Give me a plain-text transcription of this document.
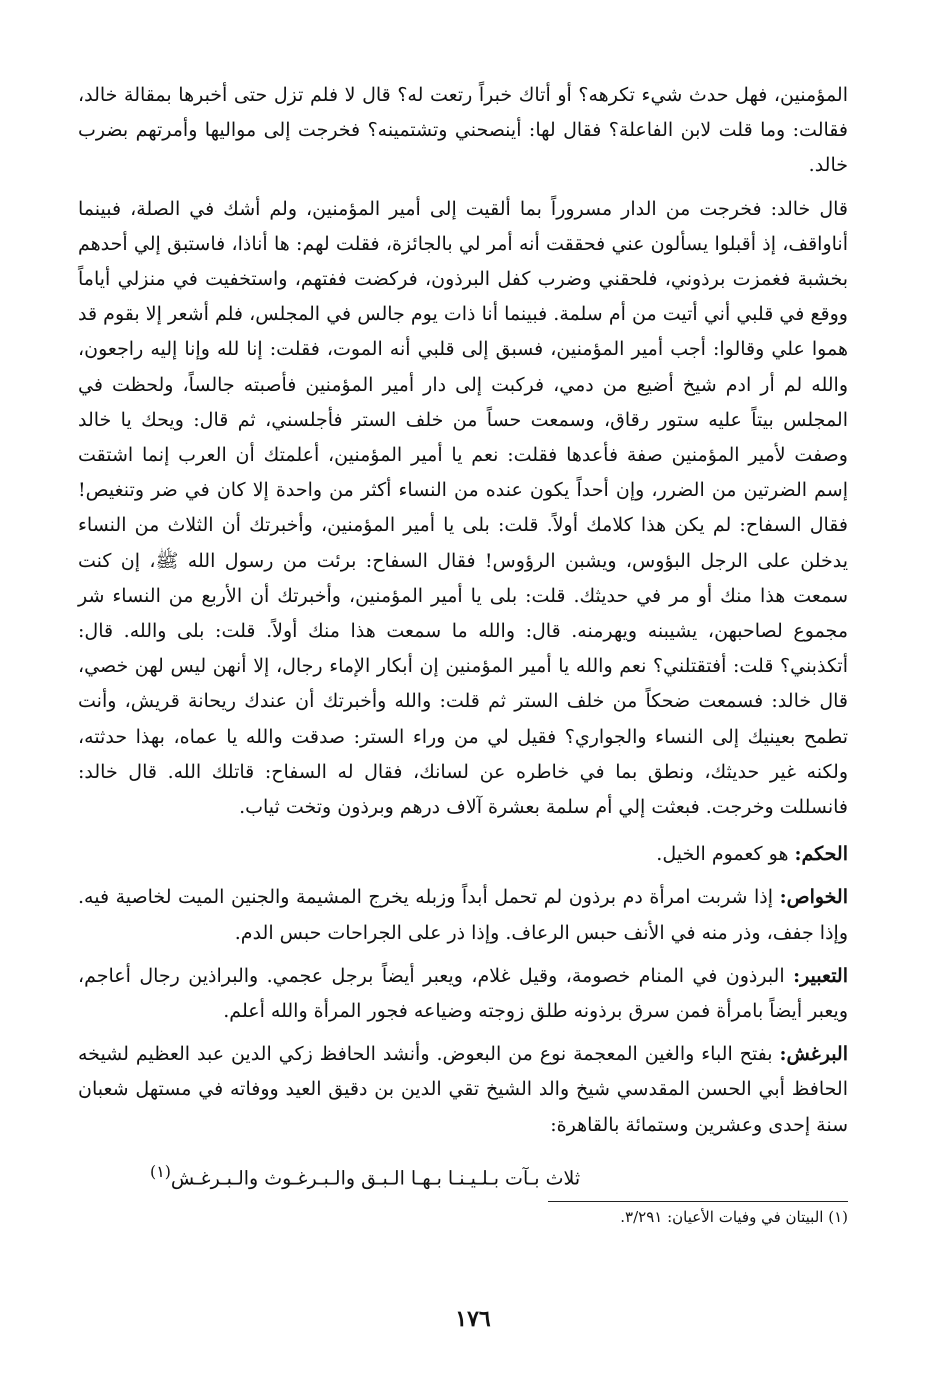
المؤمنين، فهل حدث شيء تكرهه؟ أو أتاك خبراً رتعت له؟ قال لا فلم تزل حتى أخبرها بمقالة خالد، فقالت: وما قلت لابن الفاعلة؟ فقال لها: أينصحني وتشتمينه؟ فخرجت إلى مواليها وأمرتهم بضرب خالد.

قال خالد: فخرجت من الدار مسروراً بما ألقيت إلى أمير المؤمنين، ولم أشك في الصلة، فبينما أناواقف، إذ أقبلوا يسألون عني فحققت أنه أمر لي بالجائزة، فقلت لهم: ها أناذا، فاستبق إلي أحدهم بخشبة فغمزت برذوني، فلحقني وضرب كفل البرذون، فركضت ففتهم، واستخفيت في منزلي أياماً ووقع في قلبي أني أتيت من أم سلمة. فبينما أنا ذات يوم جالس في المجلس، فلم أشعر إلا بقوم قد هموا علي وقالوا: أجب أمير المؤمنين، فسبق إلى قلبي أنه الموت، فقلت: إنا لله وإنا إليه راجعون، والله لم أر ادم شيخ أضيع من دمي، فركبت إلى دار أمير المؤمنين فأصبته جالساً، ولحظت في المجلس بيتاً عليه ستور رقاق، وسمعت حساً من خلف الستر فأجلسني، ثم قال: ويحك يا خالد وصفت لأمير المؤمنين صفة فأعدها فقلت: نعم يا أمير المؤمنين، أعلمتك أن العرب إنما اشتقت إسم الضرتين من الضرر، وإن أحداً يكون عنده من النساء أكثر من واحدة إلا كان في ضر وتنغيص! فقال السفاح: لم يكن هذا كلامك أولاً. قلت: بلى يا أمير المؤمنين، وأخبرتك أن الثلاث من النساء يدخلن على الرجل البؤوس، ويشبن الرؤوس! فقال السفاح: برئت من رسول الله ﷺ، إن كنت سمعت هذا منك أو مر في حديثك. قلت: بلى يا أمير المؤمنين، وأخبرتك أن الأربع من النساء شر مجموع لصاحبهن، يشيبنه ويهرمنه. قال: والله ما سمعت هذا منك أولاً. قلت: بلى والله. قال: أتكذبني؟ قلت: أفتقتلني؟ نعم والله يا أمير المؤمنين إن أبكار الإماء رجال، إلا أنهن ليس لهن خصي، قال خالد: فسمعت ضحكاً من خلف الستر ثم قلت: والله وأخبرتك أن عندك ريحانة قريش، وأنت تطمح بعينيك إلى النساء والجواري؟ فقيل لي من وراء الستر: صدقت والله يا عماه، بهذا حدثته، ولكنه غير حديثك، ونطق بما في خاطره عن لسانك، فقال له السفاح: قاتلك الله. قال خالد: فانسللت وخرجت. فبعثت إلي أم سلمة بعشرة آلاف درهم وبرذون وتخت ثياب.

الحكم: هو كعموم الخيل.

الخواص: إذا شربت امرأة دم برذون لم تحمل أبداً وزبله يخرج المشيمة والجنين الميت لخاصية فيه. وإذا جفف، وذر منه في الأنف حبس الرعاف. وإذا ذر على الجراحات حبس الدم.

التعبير: البرذون في المنام خصومة، وقيل غلام، ويعبر أيضاً برجل عجمي. والبراذين رجال أعاجم، ويعبر أيضاً بامرأة فمن سرق برذونه طلق زوجته وضياعه فجور المرأة والله أعلم.

البرغش: بفتح الباء والغين المعجمة نوع من البعوض. وأنشد الحافظ زكي الدين عبد العظيم لشيخه الحافظ أبي الحسن المقدسي شيخ والد الشيخ تقي الدين بن دقيق العيد ووفاته في مستهل شعبان سنة إحدى وعشرين وستمائة بالقاهرة:

ثلاث بـآت بـلـيـنـا بـهـا الـبـق والـبـرغـوث والـبـرغـش$^{(١)}$
(١) البيتان في وفيات الأعيان: ٣/٢٩١.
١٧٦
